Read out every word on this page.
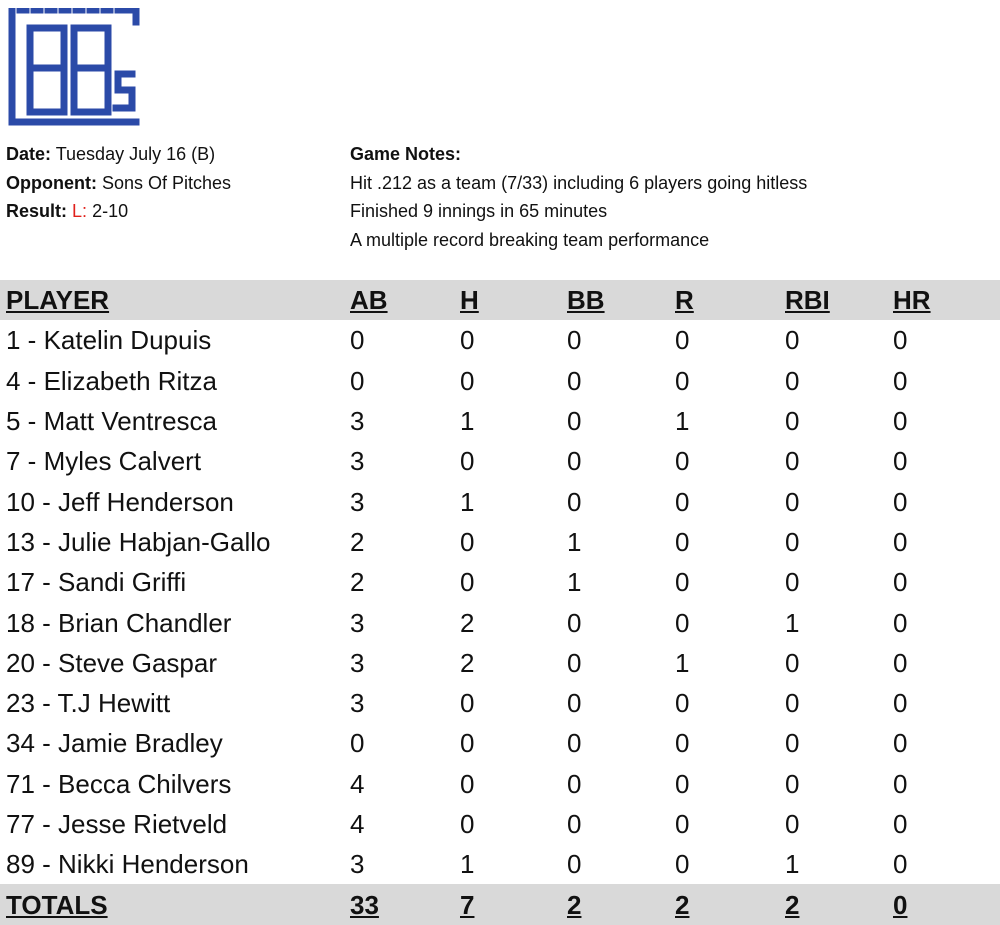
Date: Tuesday July 16 (B)
Opponent: Sons Of Pitches
Result: L: 2-10
Game Notes:
Hit .212 as a team (7/33) including 6 players going hitless
Finished 9 innings in 65 minutes
A multiple record breaking team performance
PLAYER	AB	H	BB	R	RBI	HR
1 - Katelin Dupuis	0	0	0	0	0	0
4 - Elizabeth Ritza	0	0	0	0	0	0
5 - Matt Ventresca	3	1	0	1	0	0
7 - Myles Calvert	3	0	0	0	0	0
10 - Jeff Henderson	3	1	0	0	0	0
13 - Julie Habjan-Gallo	2	0	1	0	0	0
17 - Sandi Griffi	2	0	1	0	0	0
18 - Brian Chandler	3	2	0	0	1	0
20 - Steve Gaspar	3	2	0	1	0	0
23 - T.J Hewitt	3	0	0	0	0	0
34 - Jamie Bradley	0	0	0	0	0	0
71 - Becca Chilvers	4	0	0	0	0	0
77 - Jesse Rietveld	4	0	0	0	0	0
89 - Nikki Henderson	3	1	0	0	1	0
TOTALS	33	7	2	2	2	0
